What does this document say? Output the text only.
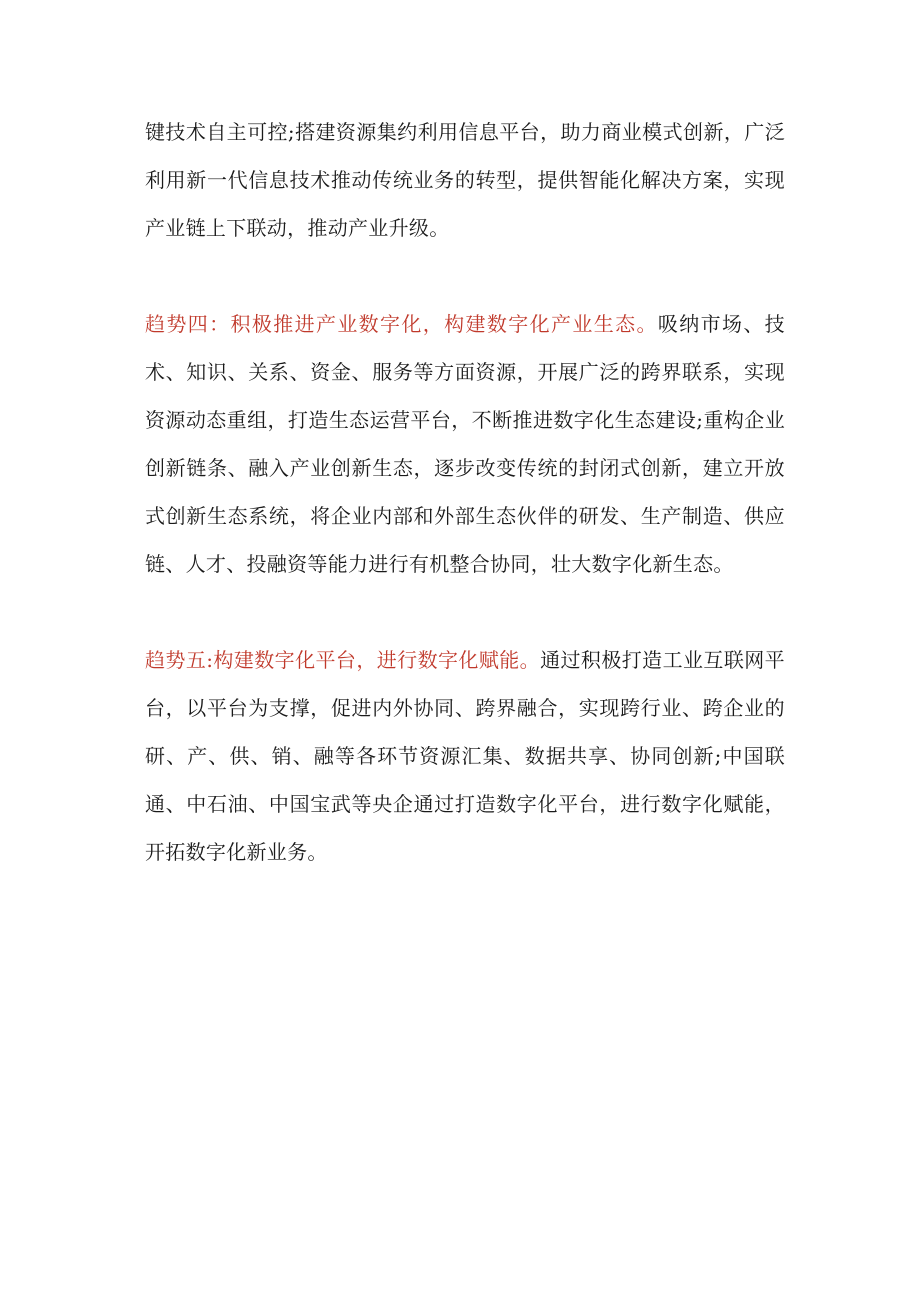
键技术自主可控;搭建资源集约利用信息平台，助力商业模式创新，广泛利用新一代信息技术推动传统业务的转型，提供智能化解决方案，实现产业链上下联动，推动产业升级。

趋势四：积极推进产业数字化，构建数字化产业生态。吸纳市场、技术、知识、关系、资金、服务等方面资源，开展广泛的跨界联系，实现资源动态重组，打造生态运营平台，不断推进数字化生态建设;重构企业创新链条、融入产业创新生态，逐步改变传统的封闭式创新，建立开放式创新生态系统，将企业内部和外部生态伙伴的研发、生产制造、供应链、人才、投融资等能力进行有机整合协同，壮大数字化新生态。

趋势五:构建数字化平台，进行数字化赋能。通过积极打造工业互联网平台，以平台为支撑，促进内外协同、跨界融合，实现跨行业、跨企业的研、产、供、销、融等各环节资源汇集、数据共享、协同创新;中国联通、中石油、中国宝武等央企通过打造数字化平台，进行数字化赋能，开拓数字化新业务。
